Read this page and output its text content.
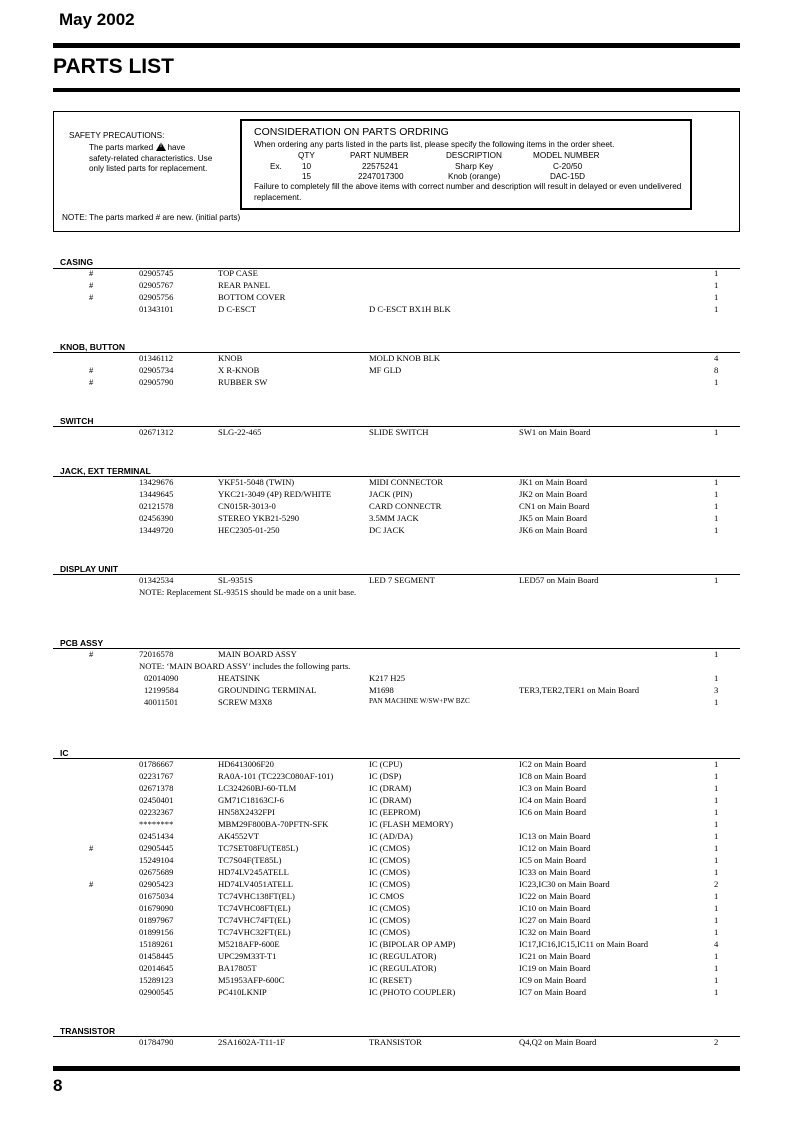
May 2002
PARTS LIST
SAFETY PRECAUTIONS:
The parts marked ! have
safety-related characteristics. Use
only listed parts for replacement.
CONSIDERATION ON PARTS ORDRING
When ordering any parts listed in the parts list, please specify the following items in the order sheet.
QTY	PART NUMBER	DESCRIPTION	MODEL NUMBER
Ex. 10	22575241	Sharp Key	C-20/50
15	2247017300	Knob (orange)	DAC-15D
Failure to completely fill the above items with correct number and description will result in delayed or even undelivered replacement.
NOTE: The parts marked # are new. (initial parts)
CASING
#	02905745	TOP CASE	1
#	02905767	REAR PANEL	1
#	02905756	BOTTOM COVER	1
01343101	D C-ESCT	D C-ESCT BX1H BLK	1
KNOB, BUTTON
01346112	KNOB	MOLD KNOB BLK	4
#	02905734	X R-KNOB	MF GLD	8
#	02905790	RUBBER SW	1
SWITCH
02671312	SLG-22-465	SLIDE SWITCH	SW1 on Main Board	1
JACK, EXT TERMINAL
13429676	YKF51-5048 (TWIN)	MIDI CONNECTOR	JK1 on Main Board	1
13449645	YKC21-3049 (4P) RED/WHITE	JACK (PIN)	JK2 on Main Board	1
02121578	CN015R-3013-0	CARD CONNECTR	CN1 on Main Board	1
02456390	STEREO YKB21-5290	3.5MM JACK	JK5 on Main Board	1
13449720	HEC2305-01-250	DC JACK	JK6 on Main Board	1
DISPLAY UNIT
01342534	SL-9351S	LED 7 SEGMENT	LED57 on Main Board	1
NOTE: Replacement SL-9351S should be made on a unit base.
PCB ASSY
#	72016578	MAIN BOARD ASSY	1
NOTE: ‘MAIN BOARD ASSY’ includes the following parts.
02014090	HEATSINK	K217 H25	1
12199584	GROUNDING TERMINAL	M1698	TER3,TER2,TER1 on Main Board	3
40011501	SCREW M3X8	PAN MACHINE W/SW+PW BZC	1
IC
01786667	HD6413006F20	IC (CPU)	IC2 on Main Board	1
02231767	RA0A-101 (TC223C080AF-101)	IC (DSP)	IC8 on Main Board	1
02671378	LC324260BJ-60-TLM	IC (DRAM)	IC3 on Main Board	1
02450401	GM71C18163CJ-6	IC (DRAM)	IC4 on Main Board	1
02232367	HN58X2432FPI	IC (EEPROM)	IC6 on Main Board	1
********	MBM29F800BA-70PFTN-SFK	IC (FLASH MEMORY)	1
02451434	AK4552VT	IC (AD/DA)	IC13 on Main Board	1
#	02905445	TC7SET08FU(TE85L)	IC (CMOS)	IC12 on Main Board	1
15249104	TC7S04F(TE85L)	IC (CMOS)	IC5 on Main Board	1
02675689	HD74LV245ATELL	IC (CMOS)	IC33 on Main Board	1
#	02905423	HD74LV4051ATELL	IC (CMOS)	IC23,IC30 on Main Board	2
01675034	TC74VHC138FT(EL)	IC CMOS	IC22 on Main Board	1
01679090	TC74VHC08FT(EL)	IC (CMOS)	IC10 on Main Board	1
01897967	TC74VHC74FT(EL)	IC (CMOS)	IC27 on Main Board	1
01899156	TC74VHC32FT(EL)	IC (CMOS)	IC32 on Main Board	1
15189261	M5218AFP-600E	IC (BIPOLAR OP AMP)	IC17,IC16,IC15,IC11 on Main Board	4
01458445	UPC29M33T-T1	IC (REGULATOR)	IC21 on Main Board	1
02014645	BA17805T	IC (REGULATOR)	IC19 on Main Board	1
15289123	M51953AFP-600C	IC (RESET)	IC9 on Main Board	1
02900545	PC410LKNIP	IC (PHOTO COUPLER)	IC7 on Main Board	1
TRANSISTOR
01784790	2SA1602A-T11-1F	TRANSISTOR	Q4,Q2 on Main Board	2
8
